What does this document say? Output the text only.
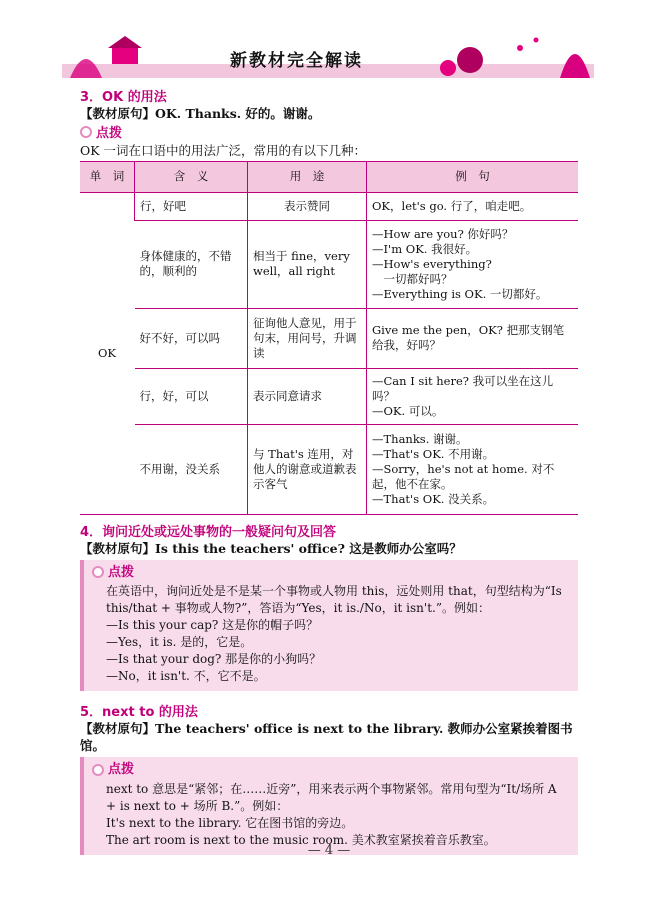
新教材完全解读
3．OK 的用法
【教材原句】OK. Thanks. 好的。谢谢。
点拨
OK 一词在口语中的用法广泛，常用的有以下几种：
单　词	含　义	用　途	例　句
OK	行，好吧	表示赞同	OK，let's go. 行了，咱走吧。
	身体健康的，不错的，顺利的	相当于 fine，very well，all right	—How are you? 你好吗？
—I'm OK. 我很好。
—How's everything?
　一切都好吗？
—Everything is OK. 一切都好。
	好不好，可以吗	征询他人意见，用于句末，用问号，升调读	Give me the pen，OK? 把那支钢笔给我，好吗？
	行，好，可以	表示同意请求	—Can I sit here? 我可以坐在这儿吗？
—OK. 可以。
	不用谢，没关系	与 That's 连用，对他人的谢意或道歉表示客气	—Thanks. 谢谢。
—That's OK. 不用谢。
—Sorry，he's not at home. 对不起，他不在家。
—That's OK. 没关系。
4．询问近处或远处事物的一般疑问句及回答
【教材原句】Is this the teachers' office? 这是教师办公室吗？
点拨
在英语中，询问近处是不是某一个事物或人物用 this，远处则用 that，句型结构为“Is this/that + 事物或人物?”，答语为“Yes，it is./No，it isn't.”。例如：
—Is this your cap? 这是你的帽子吗？
—Yes，it is. 是的，它是。
—Is that your dog? 那是你的小狗吗？
—No，it isn't. 不，它不是。
5．next to 的用法
【教材原句】The teachers' office is next to the library. 教师办公室紧挨着图书馆。
点拨
next to 意思是“紧邻；在……近旁”，用来表示两个事物紧邻。常用句型为“It/场所 A + is next to + 场所 B.”。例如：
It's next to the library. 它在图书馆的旁边。
The art room is next to the music room. 美术教室紧挨着音乐教室。
— 4 —
